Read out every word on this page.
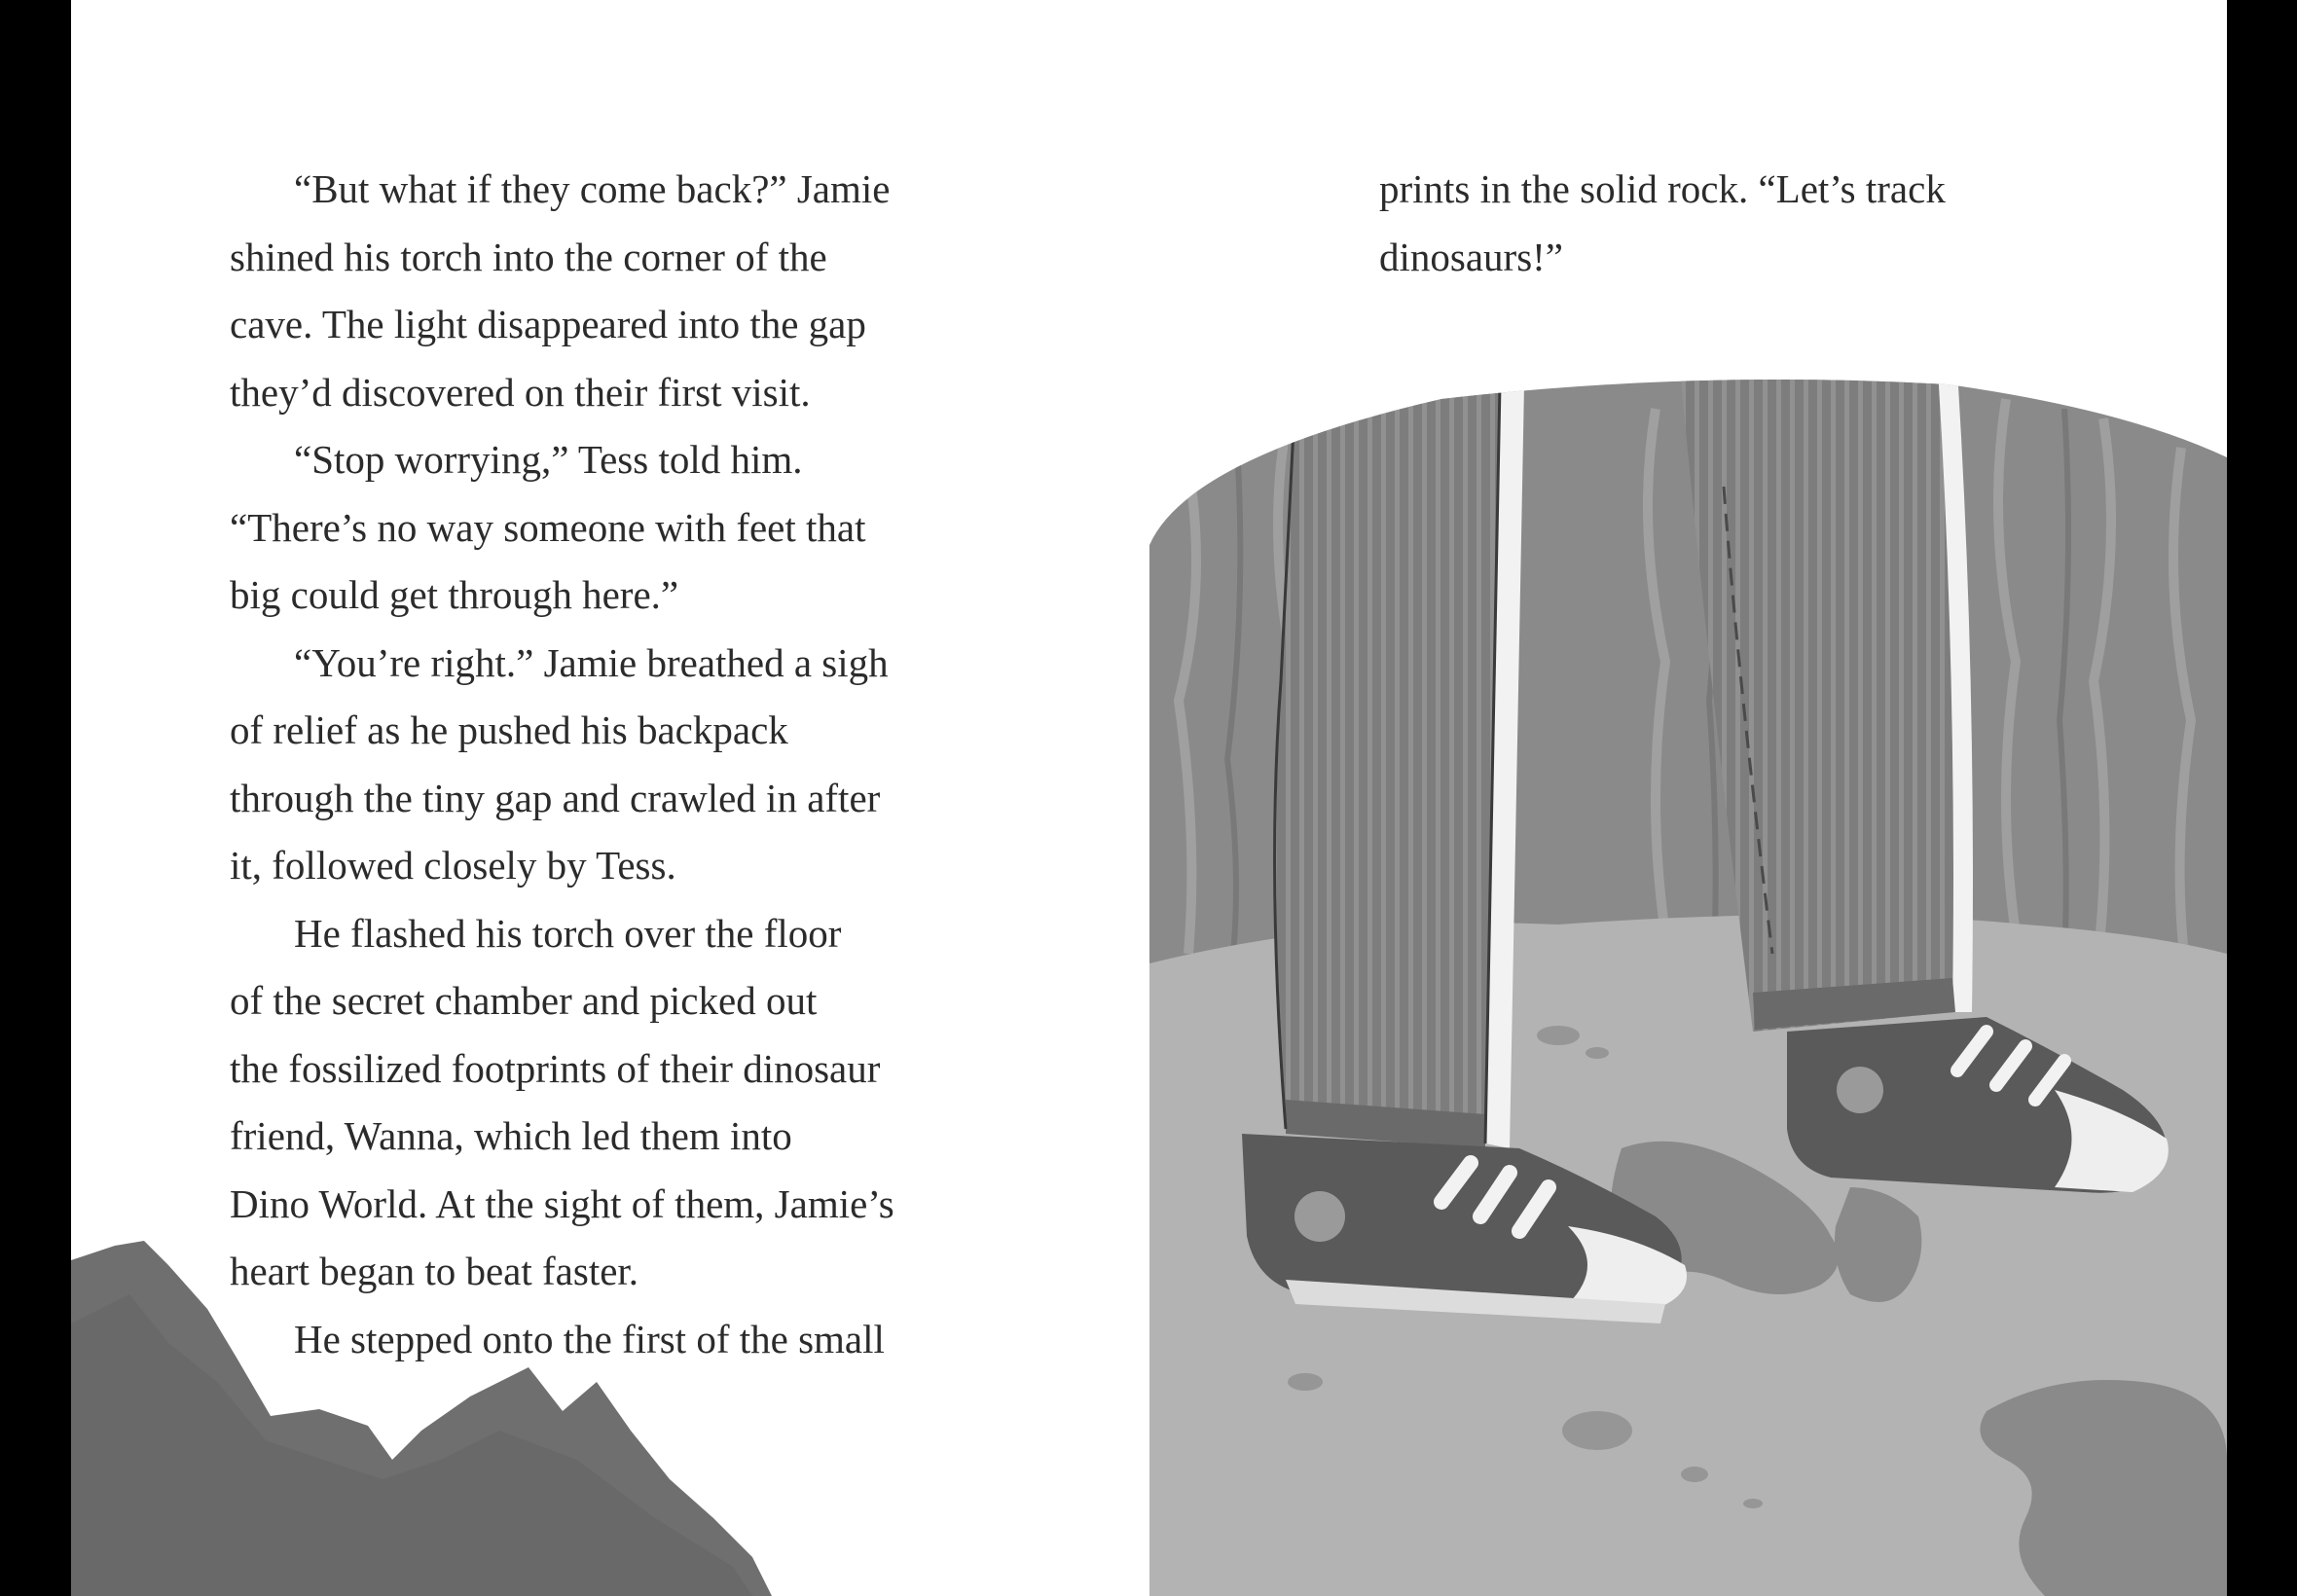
“But what if they come back?” Jamie
shined his torch into the corner of the
cave. The light disappeared into the gap
they’d discovered on their first visit.
“Stop worrying,” Tess told him.
“There’s no way someone with feet that
big could get through here.”
“You’re right.” Jamie breathed a sigh
of relief as he pushed his backpack
through the tiny gap and crawled in after
it, followed closely by Tess.
He flashed his torch over the floor
of the secret chamber and picked out
the fossilized footprints of their dinosaur
friend, Wanna, which led them into
Dino World. At the sight of them, Jamie’s
heart began to beat faster.
He stepped onto the first of the small
prints in the solid rock. “Let’s track
dinosaurs!”
